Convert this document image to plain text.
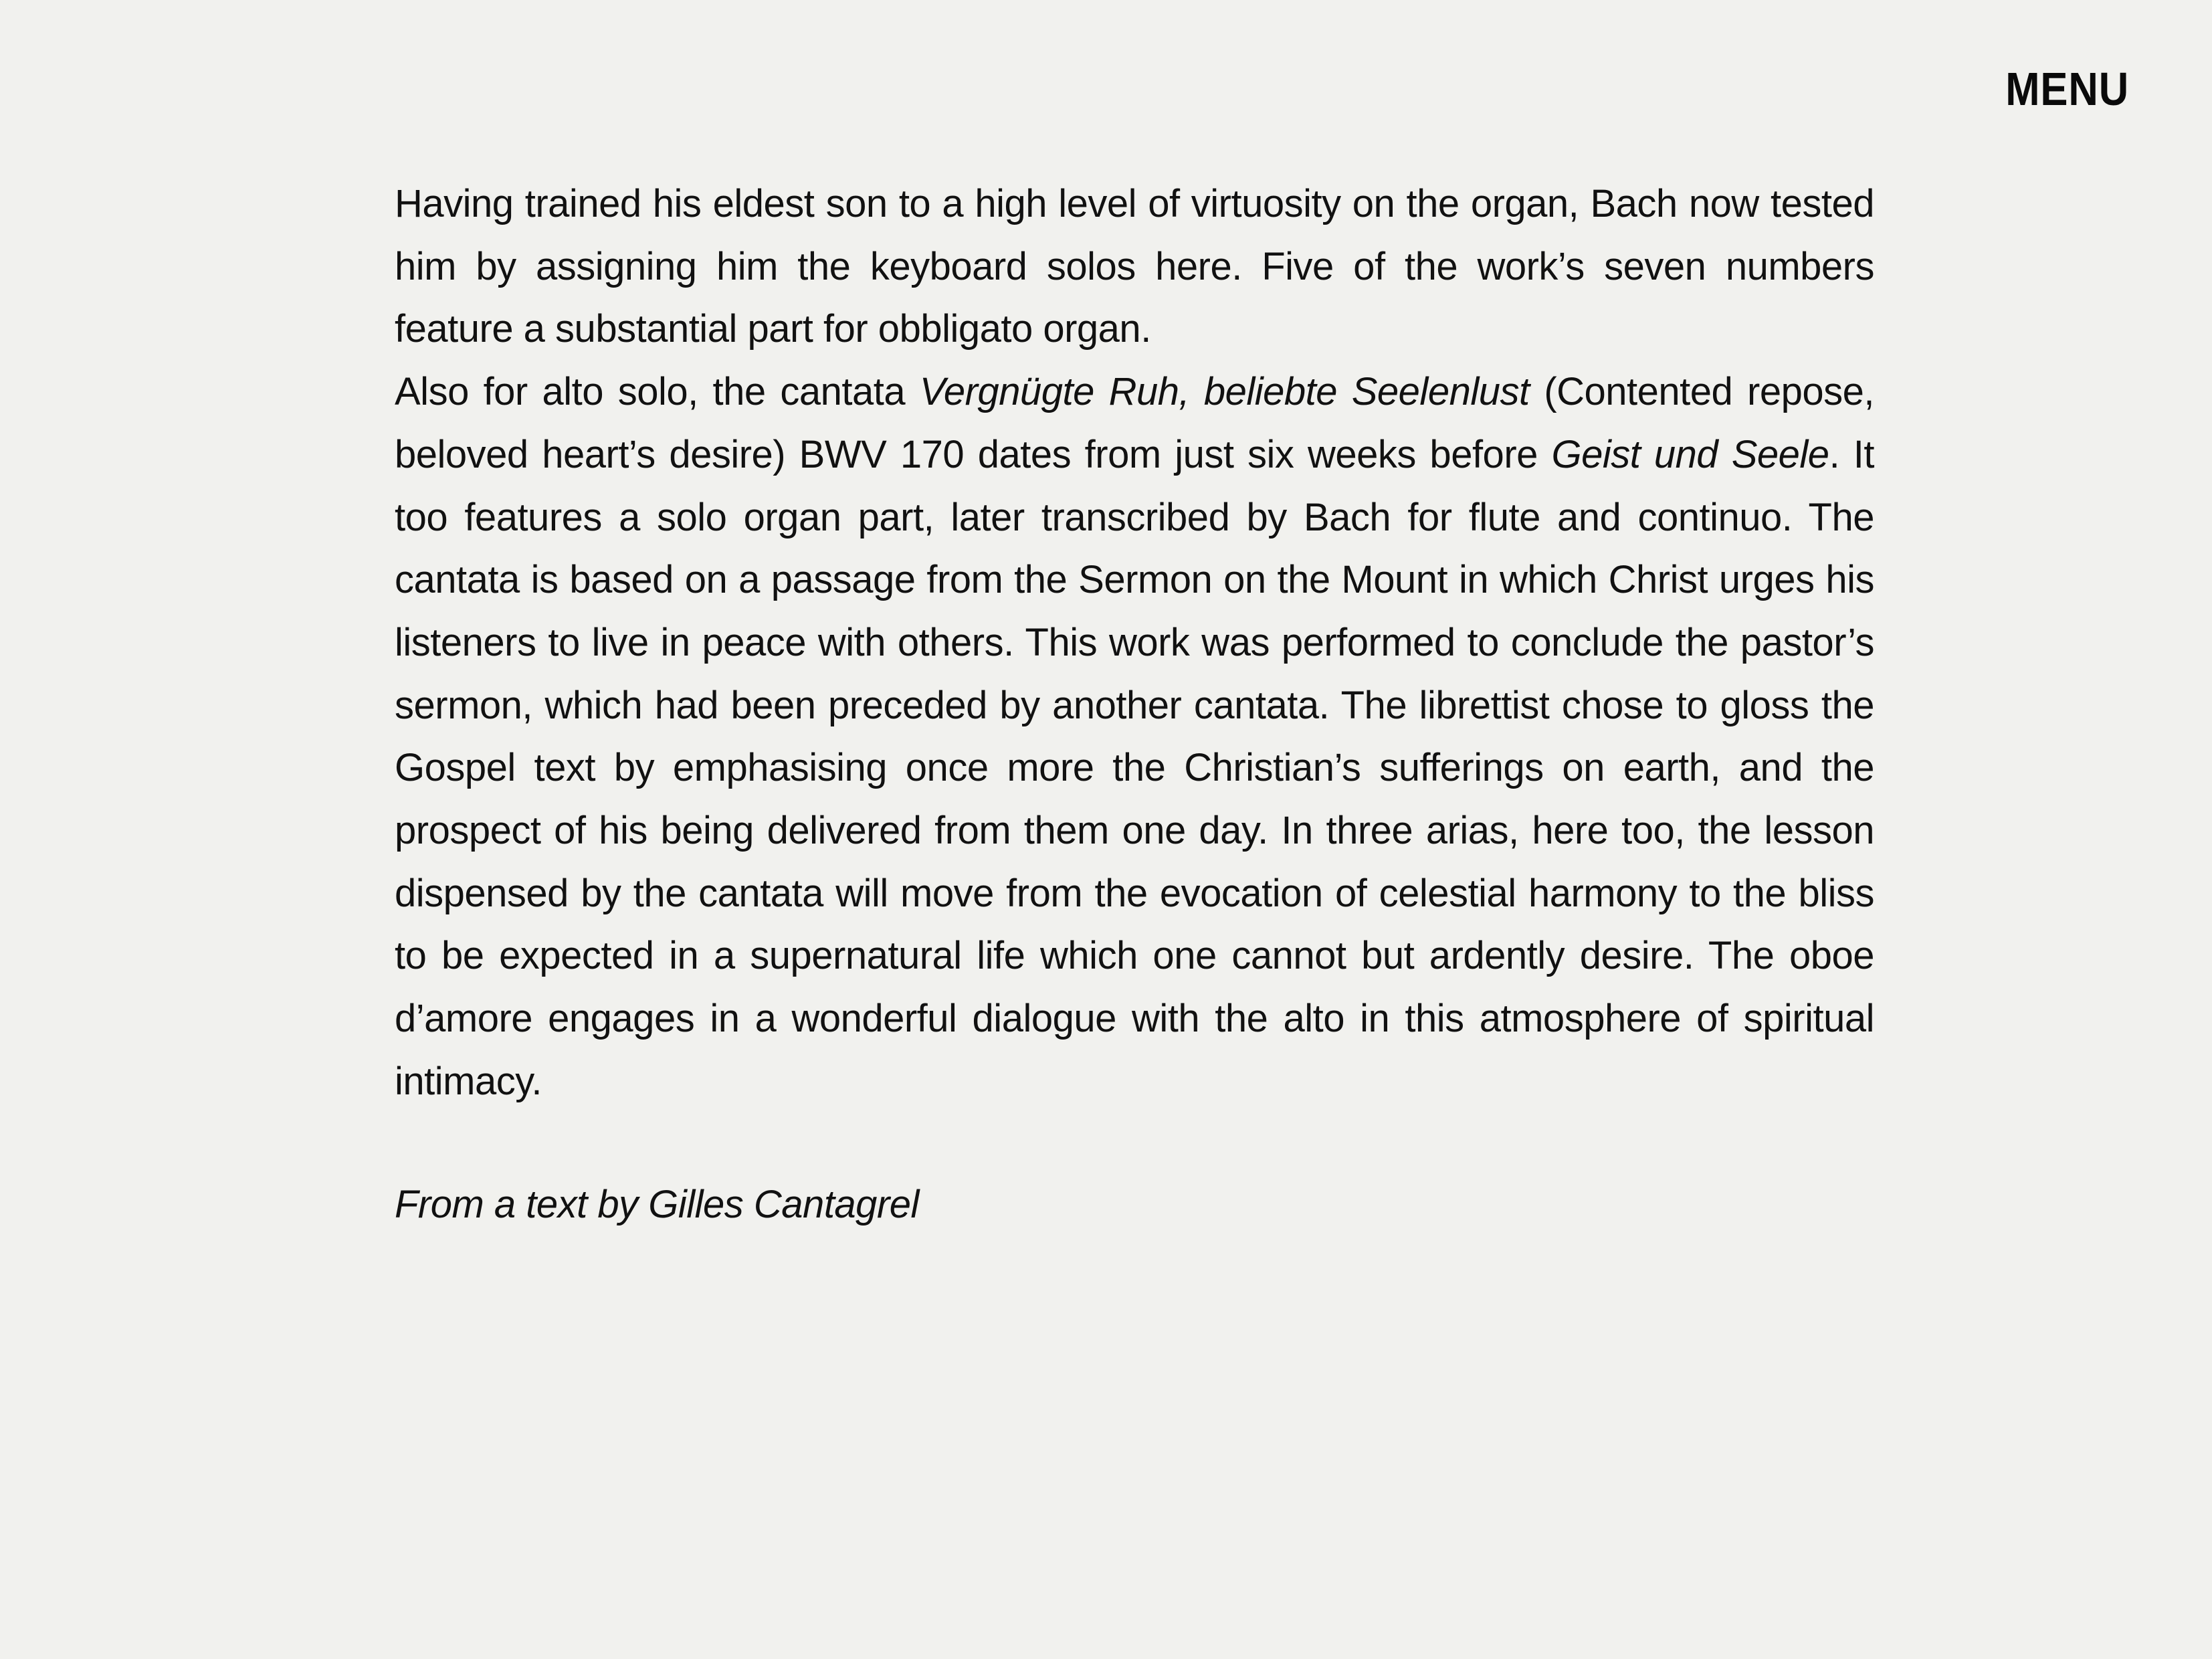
MENU

Having trained his eldest son to a high level of virtuosity on the organ, Bach now tested him by assigning him the keyboard solos here. Five of the work’s seven numbers feature a substantial part for obbligato organ.

Also for alto solo, the cantata Vergnügte Ruh, beliebte Seelenlust (Contented repose, beloved heart’s desire) BWV 170 dates from just six weeks before Geist und Seele. It too features a solo organ part, later transcribed by Bach for flute and continuo. The cantata is based on a passage from the Sermon on the Mount in which Christ urges his listeners to live in peace with others. This work was performed to conclude the pastor’s sermon, which had been preceded by another cantata. The librettist chose to gloss the Gospel text by emphasising once more the Christian’s sufferings on earth, and the prospect of his being delivered from them one day. In three arias, here too, the lesson dispensed by the cantata will move from the evocation of celestial harmony to the bliss to be expected in a supernatural life which one cannot but ardently desire. The oboe d’amore engages in a wonderful dialogue with the alto in this atmosphere of spiritual intimacy.

From a text by Gilles Cantagrel
